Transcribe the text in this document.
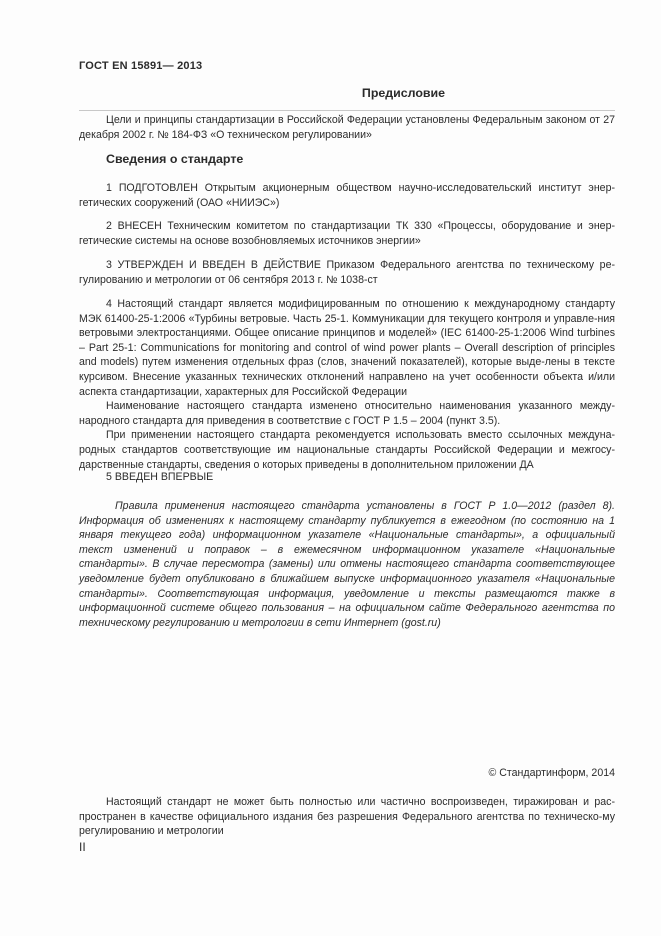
ГОСТ EN 15891— 2013
Предисловие

Цели и принципы стандартизации в Российской Федерации установлены Федеральным законом от 27 декабря 2002 г. № 184-ФЗ «О техническом регулировании»

Сведения о стандарте

1 ПОДГОТОВЛЕН Открытым акционерным обществом научно-исследовательский институт энер-гетических сооружений (ОАО «НИИЭС»)

2 ВНЕСЕН Техническим комитетом по стандартизации ТК 330 «Процессы, оборудование и энер-гетические системы на основе возобновляемых источников энергии»

3 УТВЕРЖДЕН И ВВЕДЕН В ДЕЙСТВИЕ Приказом Федерального агентства по техническому ре-гулированию и метрологии от 06 сентября 2013 г. № 1038-ст

4 Настоящий стандарт является модифицированным по отношению к международному стандарту МЭК 61400-25-1:2006 «Турбины ветровые. Часть 25-1. Коммуникации для текущего контроля и управле-ния ветровыми электростанциями. Общее описание принципов и моделей» (IEC 61400-25-1:2006 Wind turbines – Part 25-1: Communications for monitoring and control of wind power plants – Overall description of principles and models) путем изменения отдельных фраз (слов, значений показателей), которые выде-лены в тексте курсивом. Внесение указанных технических отклонений направлено на учет особенности объекта и/или аспекта стандартизации, характерных для Российской Федерации

Наименование настоящего стандарта изменено относительно наименования указанного между-народного стандарта для приведения в соответствие с ГОСТ Р 1.5 – 2004 (пункт 3.5).

При применении настоящего стандарта рекомендуется использовать вместо ссылочных междуна-родных стандартов соответствующие им национальные стандарты Российской Федерации и межгосу-дарственные стандарты, сведения о которых приведены в дополнительном приложении ДА

5 ВВЕДЕН ВПЕРВЫЕ

Правила применения настоящего стандарта установлены в ГОСТ Р 1.0—2012 (раздел 8). Информация об изменениях к настоящему стандарту публикуется в ежегодном (по состоянию на 1 января текущего года) информационном указателе «Национальные стандарты», а официальный текст изменений и поправок – в ежемесячном информационном указателе «Национальные стандарты». В случае пересмотра (замены) или отмены настоящего стандарта соответствующее уведомление будет опубликовано в ближайшем выпуске информационного указателя «Национальные стандарты». Соответствующая информация, уведомление и тексты размещаются также в информационной системе общего пользования – на официальном сайте Федерального агентства по техническому регулированию и метрологии в сети Интернет (gost.ru)

© Стандартинформ, 2014

Настоящий стандарт не может быть полностью или частично воспроизведен, тиражирован и рас-пространен в качестве официального издания без разрешения Федерального агентства по техническо-му регулированию и метрологии

II
